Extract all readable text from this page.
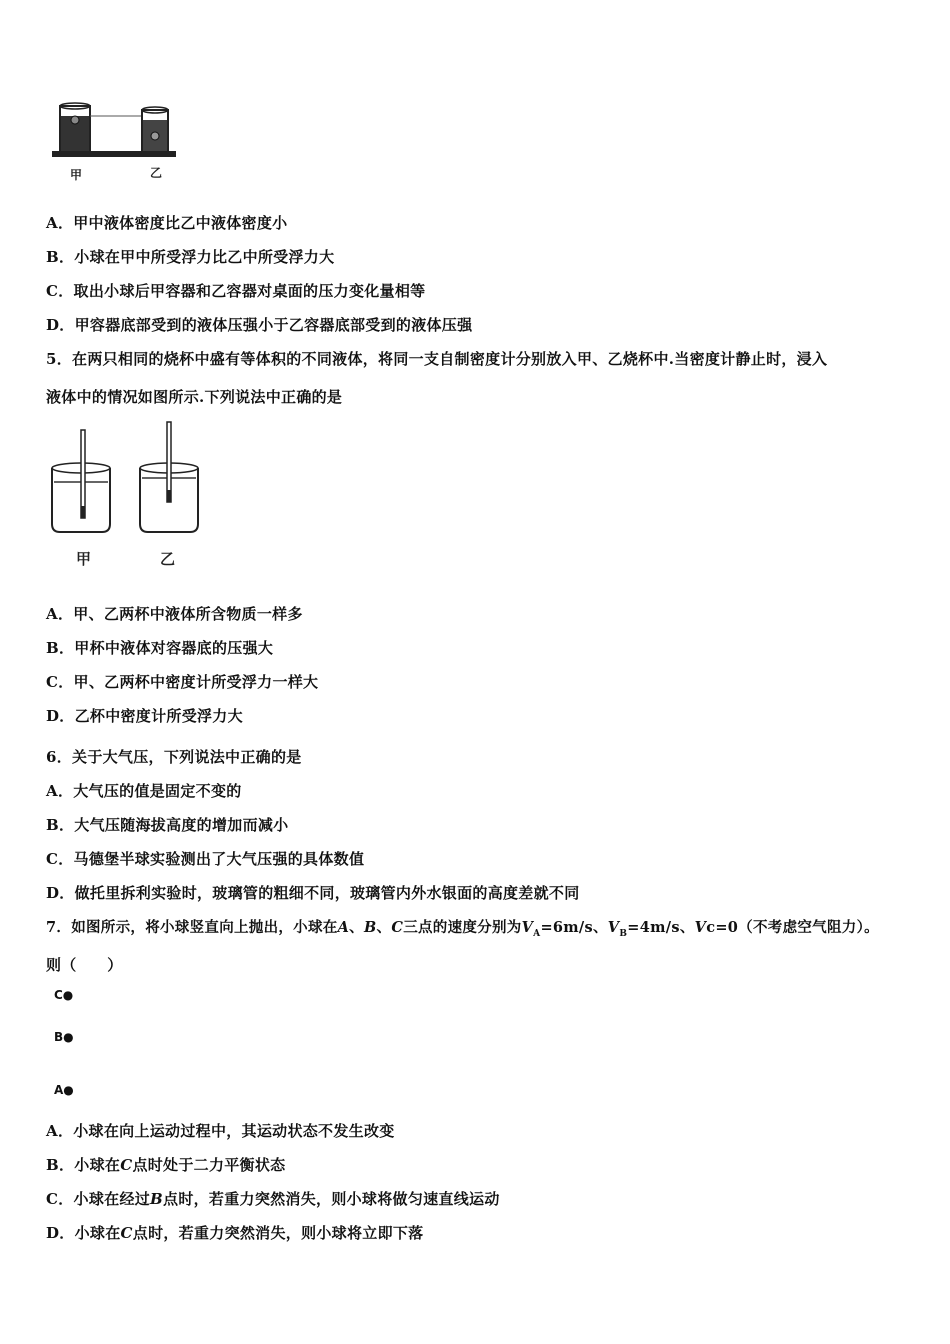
甲	乙
A．甲中液体密度比乙中液体密度小
B．小球在甲中所受浮力比乙中所受浮力大
C．取出小球后甲容器和乙容器对桌面的压力变化量相等
D．甲容器底部受到的液体压强小于乙容器底部受到的液体压强
5．在两只相同的烧杯中盛有等体积的不同液体，将同一支自制密度计分别放入甲、乙烧杯中.当密度计静止时，浸入
液体中的情况如图所示.下列说法中正确的是
甲	乙
A．甲、乙两杯中液体所含物质一样多
B．甲杯中液体对容器底的压强大
C．甲、乙两杯中密度计所受浮力一样大
D．乙杯中密度计所受浮力大
6．关于大气压，下列说法中正确的是
A．大气压的值是固定不变的
B．大气压随海拔高度的增加而减小
C．马德堡半球实验测出了大气压强的具体数值
D．做托里拆利实验时，玻璃管的粗细不同，玻璃管内外水银面的高度差就不同
7．如图所示，将小球竖直向上抛出，小球在A、B、C三点的速度分别为$V_A=6m/s$、$V_B=4m/s$、Vc=0（不考虑空气阻力）。
则（　　）
C●
B●
A●
A．小球在向上运动过程中，其运动状态不发生改变
B．小球在C点时处于二力平衡状态
C．小球在经过B点时，若重力突然消失，则小球将做匀速直线运动
D．小球在C点时，若重力突然消失，则小球将立即下落
